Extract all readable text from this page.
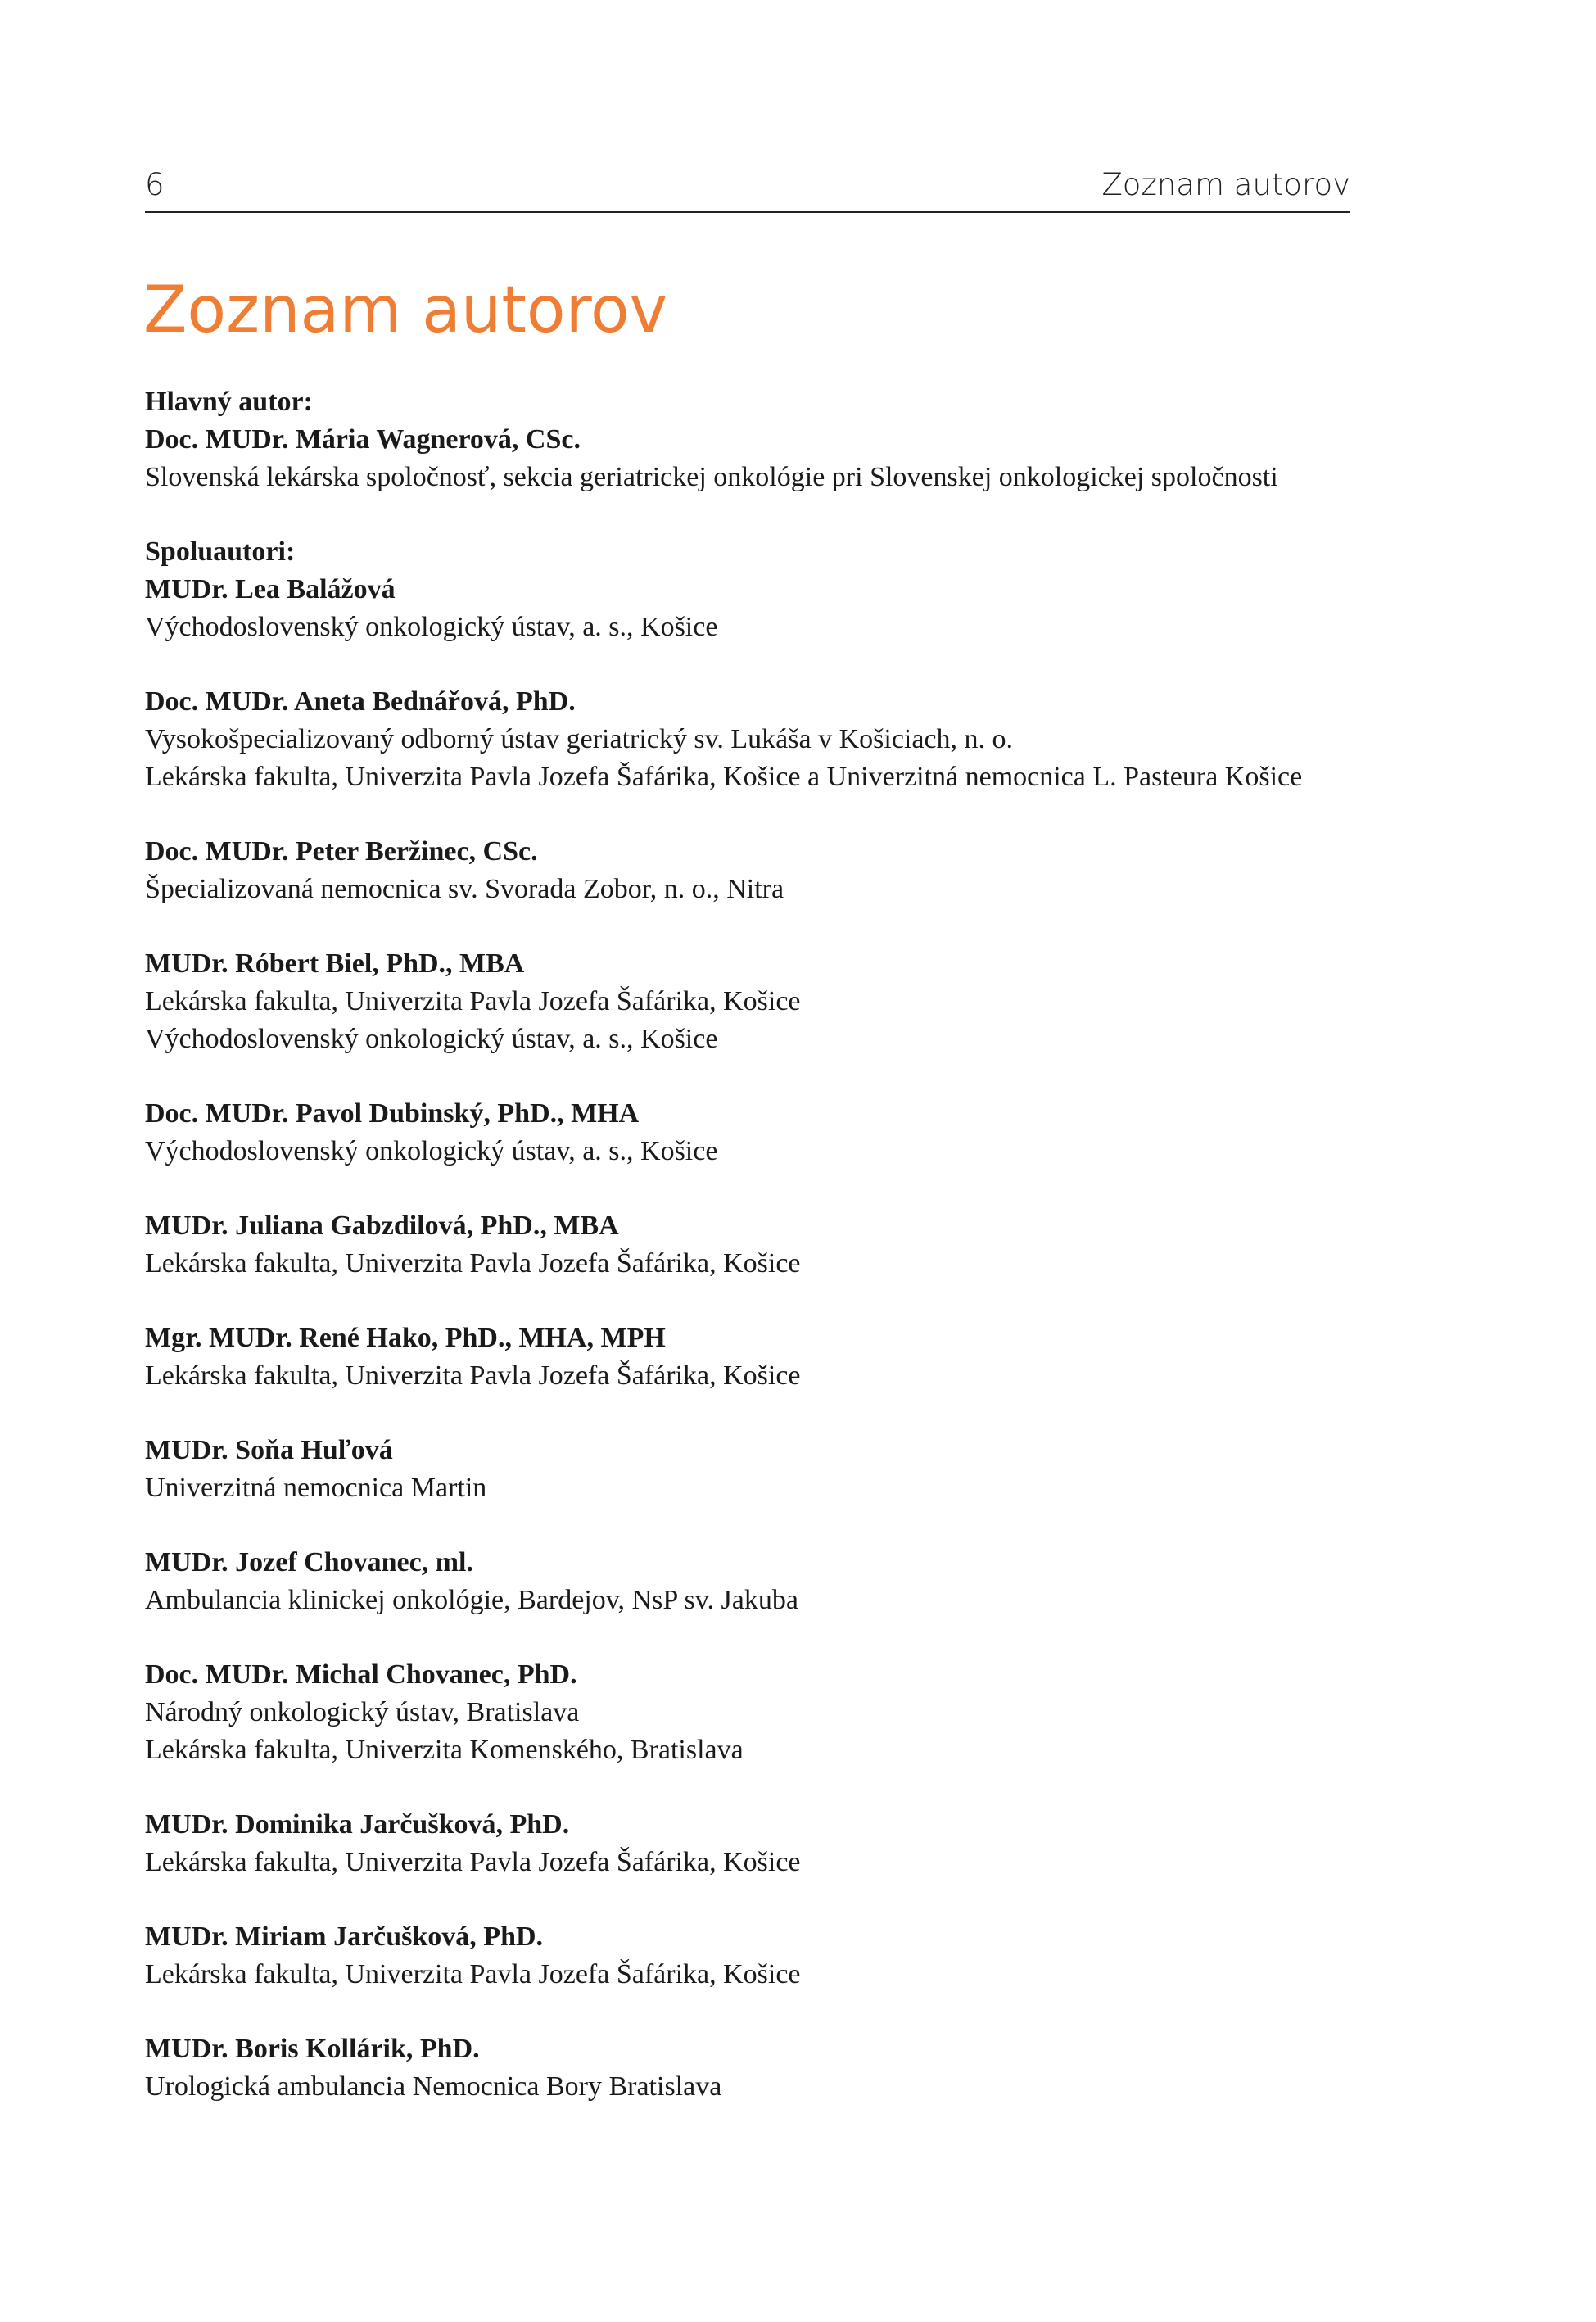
6	Zoznam autorov
Zoznam autorov
Hlavný autor:
Doc. MUDr. Mária Wagnerová, CSc.
Slovenská lekárska spoločnosť, sekcia geriatrickej onkológie pri Slovenskej onkologickej spoločnosti
Spoluautori:
MUDr. Lea Balážová
Východoslovenský onkologický ústav, a. s., Košice
Doc. MUDr. Aneta Bednářová, PhD.
Vysokošpecializovaný odborný ústav geriatrický sv. Lukáša v Košiciach, n. o.
Lekárska fakulta, Univerzita Pavla Jozefa Šafárika, Košice a Univerzitná nemocnica L. Pasteura Košice
Doc. MUDr. Peter Beržinec, CSc.
Špecializovaná nemocnica sv. Svorada Zobor, n. o., Nitra
MUDr. Róbert Biel, PhD., MBA
Lekárska fakulta, Univerzita Pavla Jozefa Šafárika, Košice
Východoslovenský onkologický ústav, a. s., Košice
Doc. MUDr. Pavol Dubinský, PhD., MHA
Východoslovenský onkologický ústav, a. s., Košice
MUDr. Juliana Gabzdilová, PhD., MBA
Lekárska fakulta, Univerzita Pavla Jozefa Šafárika, Košice
Mgr. MUDr. René Hako, PhD., MHA, MPH
Lekárska fakulta, Univerzita Pavla Jozefa Šafárika, Košice
MUDr. Soňa Huľová
Univerzitná nemocnica Martin
MUDr. Jozef Chovanec, ml.
Ambulancia klinickej onkológie, Bardejov, NsP sv. Jakuba
Doc. MUDr. Michal Chovanec, PhD.
Národný onkologický ústav, Bratislava
Lekárska fakulta, Univerzita Komenského, Bratislava
MUDr. Dominika Jarčušková, PhD.
Lekárska fakulta, Univerzita Pavla Jozefa Šafárika, Košice
MUDr. Miriam Jarčušková, PhD.
Lekárska fakulta, Univerzita Pavla Jozefa Šafárika, Košice
MUDr. Boris Kollárik, PhD.
Urologická ambulancia Nemocnica Bory Bratislava
